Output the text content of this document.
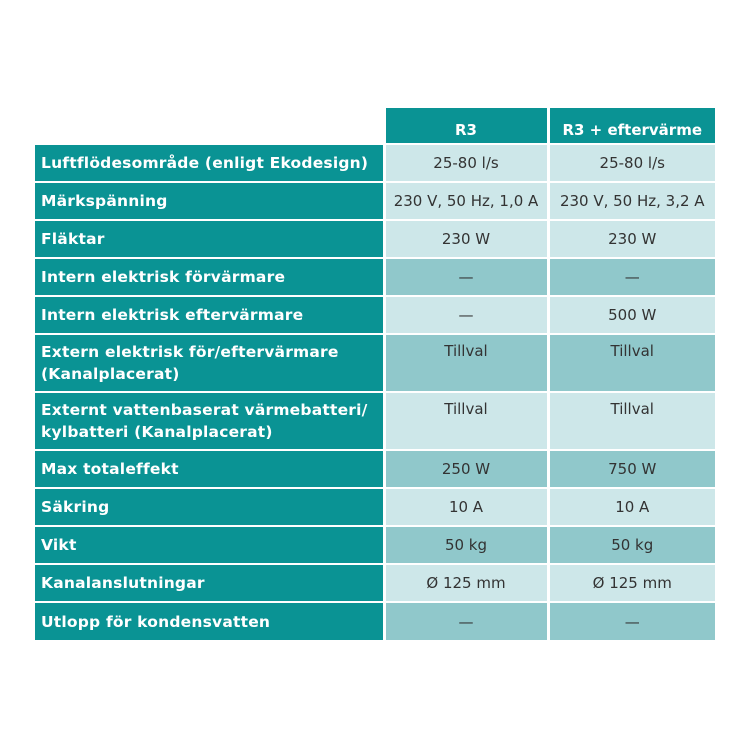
	R3	R3 + eftervärme
Luftflödesområde (enligt Ekodesign)	25-80 l/s	25-80 l/s
Märkspänning	230 V, 50 Hz, 1,0 A	230 V, 50 Hz, 3,2 A
Fläktar	230 W	230 W
Intern elektrisk förvärmare	—	—
Intern elektrisk eftervärmare	—	500 W
Extern elektrisk för/eftervärmare (Kanalplacerat)	Tillval	Tillval
Externt vattenbaserat värmebatteri/ kylbatteri (Kanalplacerat)	Tillval	Tillval
Max totaleffekt	250 W	750 W
Säkring	10 A	10 A
Vikt	50 kg	50 kg
Kanalanslutningar	Ø 125 mm	Ø 125 mm
Utlopp för kondensvatten	—	—
